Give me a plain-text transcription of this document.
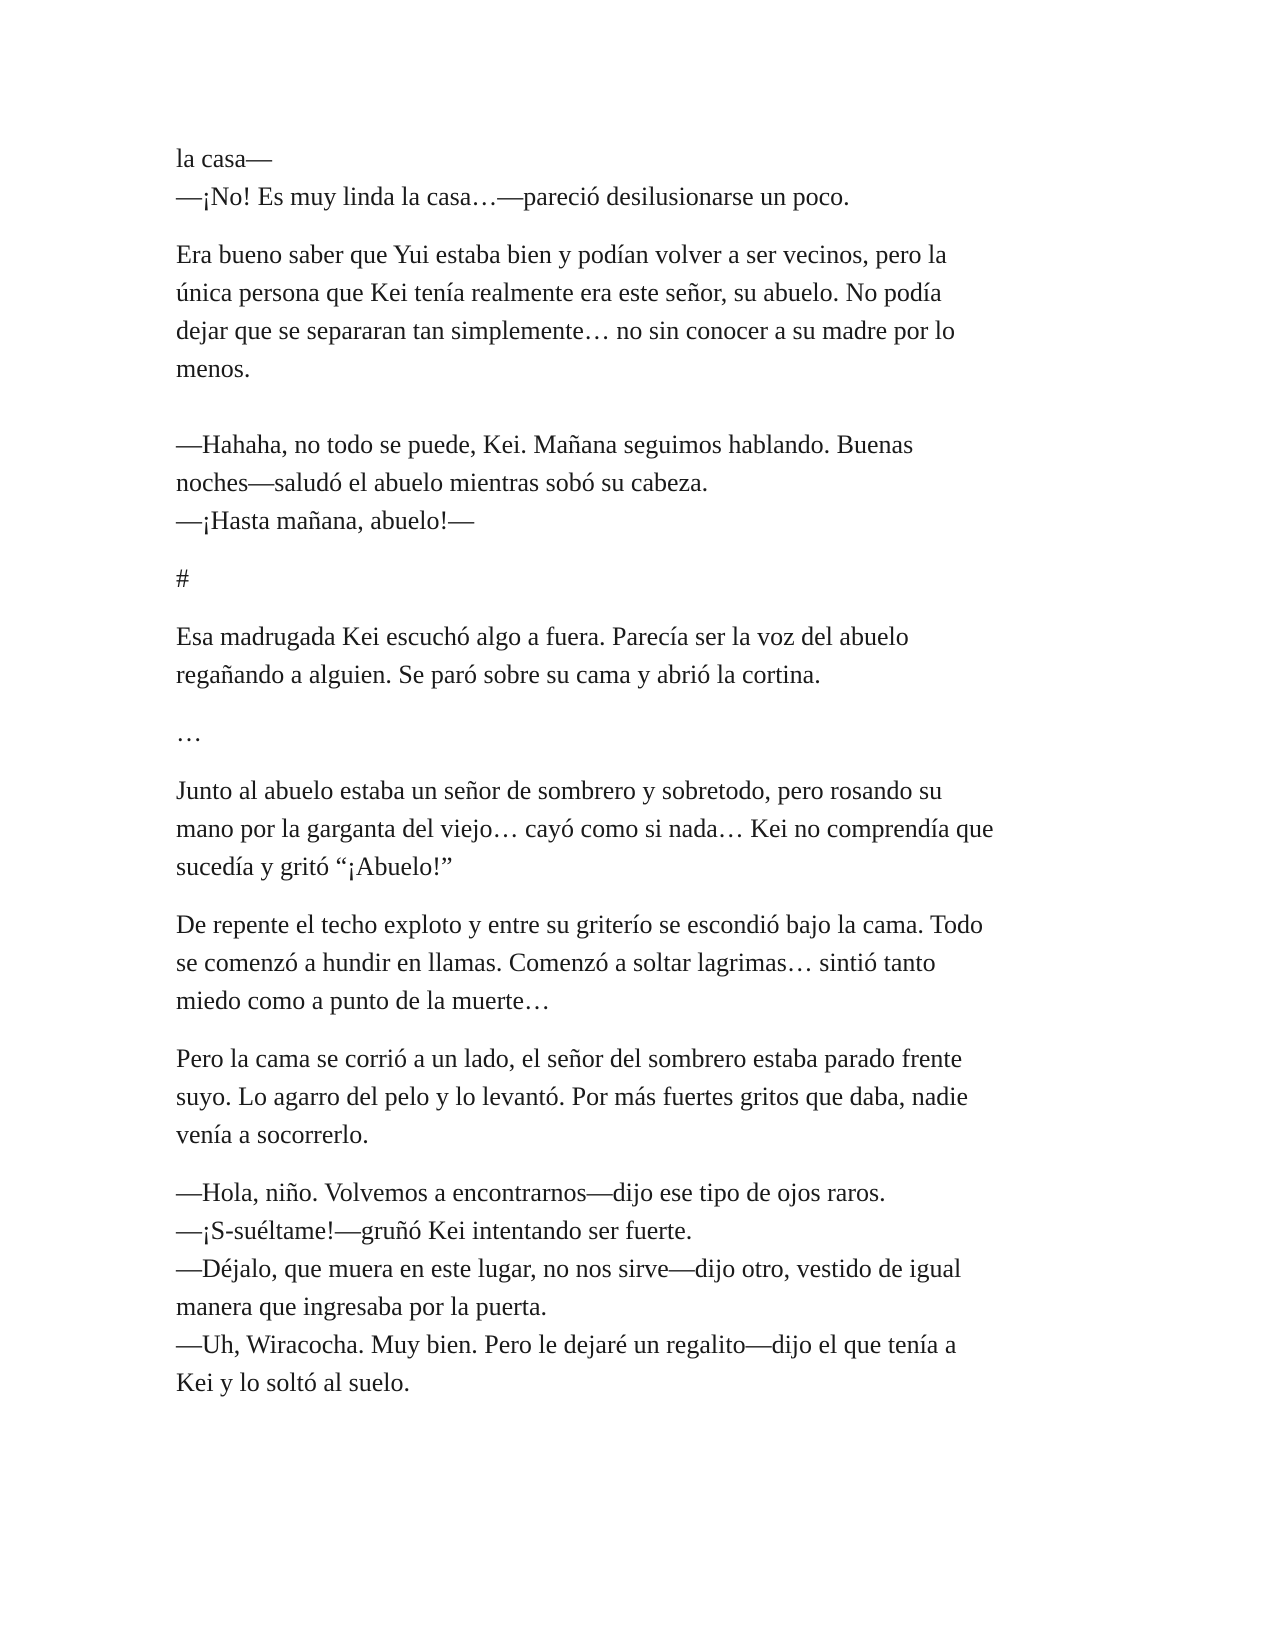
la casa—
—¡No! Es muy linda la casa…—pareció desilusionarse un poco.
Era bueno saber que Yui estaba bien y podían volver a ser vecinos, pero la
única persona que Kei tenía realmente era este señor, su abuelo. No podía
dejar que se separaran tan simplemente… no sin conocer a su madre por lo
menos.
—Hahaha, no todo se puede, Kei. Mañana seguimos hablando. Buenas
noches—saludó el abuelo mientras sobó su cabeza.
—¡Hasta mañana, abuelo!—
#
Esa madrugada Kei escuchó algo a fuera. Parecía ser la voz del abuelo
regañando a alguien. Se paró sobre su cama y abrió la cortina.
…
Junto al abuelo estaba un señor de sombrero y sobretodo, pero rosando su
mano por la garganta del viejo… cayó como si nada… Kei no comprendía que
sucedía y gritó “¡Abuelo!”
De repente el techo exploto y entre su griterío se escondió bajo la cama. Todo
se comenzó a hundir en llamas. Comenzó a soltar lagrimas… sintió tanto
miedo como a punto de la muerte…
Pero la cama se corrió a un lado, el señor del sombrero estaba parado frente
suyo. Lo agarro del pelo y lo levantó. Por más fuertes gritos que daba, nadie
venía a socorrerlo.
—Hola, niño. Volvemos a encontrarnos—dijo ese tipo de ojos raros.
—¡S-suéltame!—gruñó Kei intentando ser fuerte.
—Déjalo, que muera en este lugar, no nos sirve—dijo otro, vestido de igual
manera que ingresaba por la puerta.
—Uh, Wiracocha. Muy bien. Pero le dejaré un regalito—dijo el que tenía a
Kei y lo soltó al suelo.
